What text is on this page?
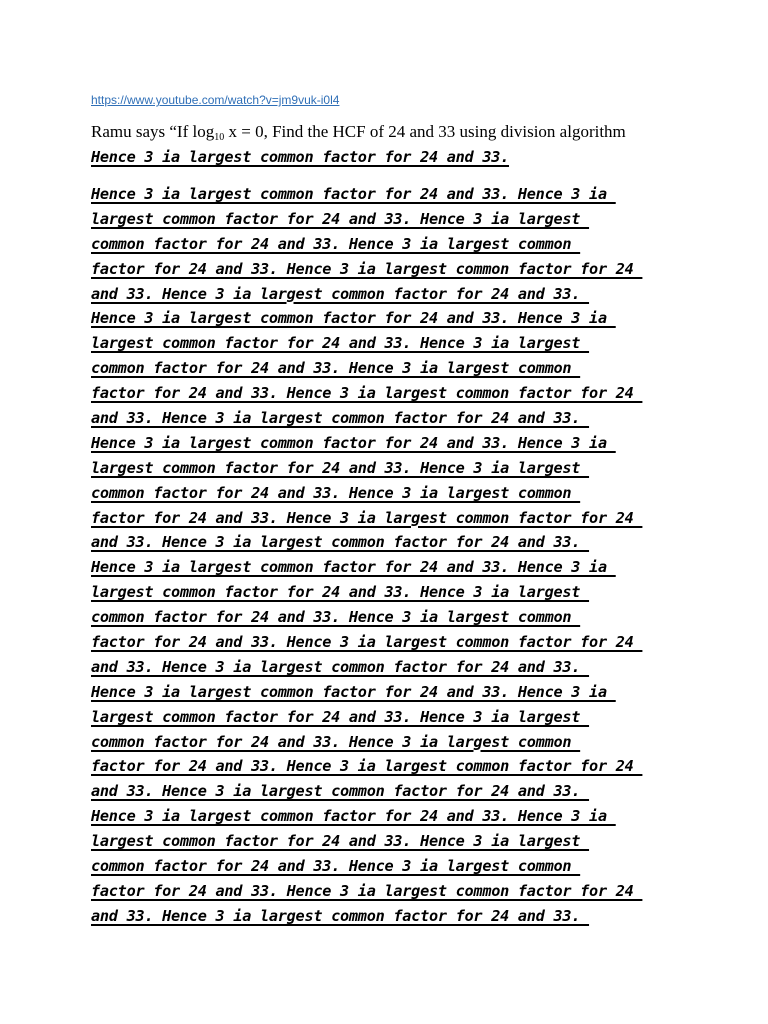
https://www.youtube.com/watch?v=jm9vuk-i0l4
Ramu says “If $\log_{10} x = 0$, Find the HCF of 24 and 33 using division algorithm
Hence 3 ia largest common factor for 24 and 33.
Hence 3 ia largest common factor for 24 and 33. Hence 3 ia
largest common factor for 24 and 33. Hence 3 ia largest
common factor for 24 and 33. Hence 3 ia largest common
factor for 24 and 33. Hence 3 ia largest common factor for 24
and 33. Hence 3 ia largest common factor for 24 and 33.
Hence 3 ia largest common factor for 24 and 33. Hence 3 ia
largest common factor for 24 and 33. Hence 3 ia largest
common factor for 24 and 33. Hence 3 ia largest common
factor for 24 and 33. Hence 3 ia largest common factor for 24
and 33. Hence 3 ia largest common factor for 24 and 33.
Hence 3 ia largest common factor for 24 and 33. Hence 3 ia
largest common factor for 24 and 33. Hence 3 ia largest
common factor for 24 and 33. Hence 3 ia largest common
factor for 24 and 33. Hence 3 ia largest common factor for 24
and 33. Hence 3 ia largest common factor for 24 and 33.
Hence 3 ia largest common factor for 24 and 33. Hence 3 ia
largest common factor for 24 and 33. Hence 3 ia largest
common factor for 24 and 33. Hence 3 ia largest common
factor for 24 and 33. Hence 3 ia largest common factor for 24
and 33. Hence 3 ia largest common factor for 24 and 33.
Hence 3 ia largest common factor for 24 and 33. Hence 3 ia
largest common factor for 24 and 33. Hence 3 ia largest
common factor for 24 and 33. Hence 3 ia largest common
factor for 24 and 33. Hence 3 ia largest common factor for 24
and 33. Hence 3 ia largest common factor for 24 and 33.
Hence 3 ia largest common factor for 24 and 33. Hence 3 ia
largest common factor for 24 and 33. Hence 3 ia largest
common factor for 24 and 33. Hence 3 ia largest common
factor for 24 and 33. Hence 3 ia largest common factor for 24
and 33. Hence 3 ia largest common factor for 24 and 33.
